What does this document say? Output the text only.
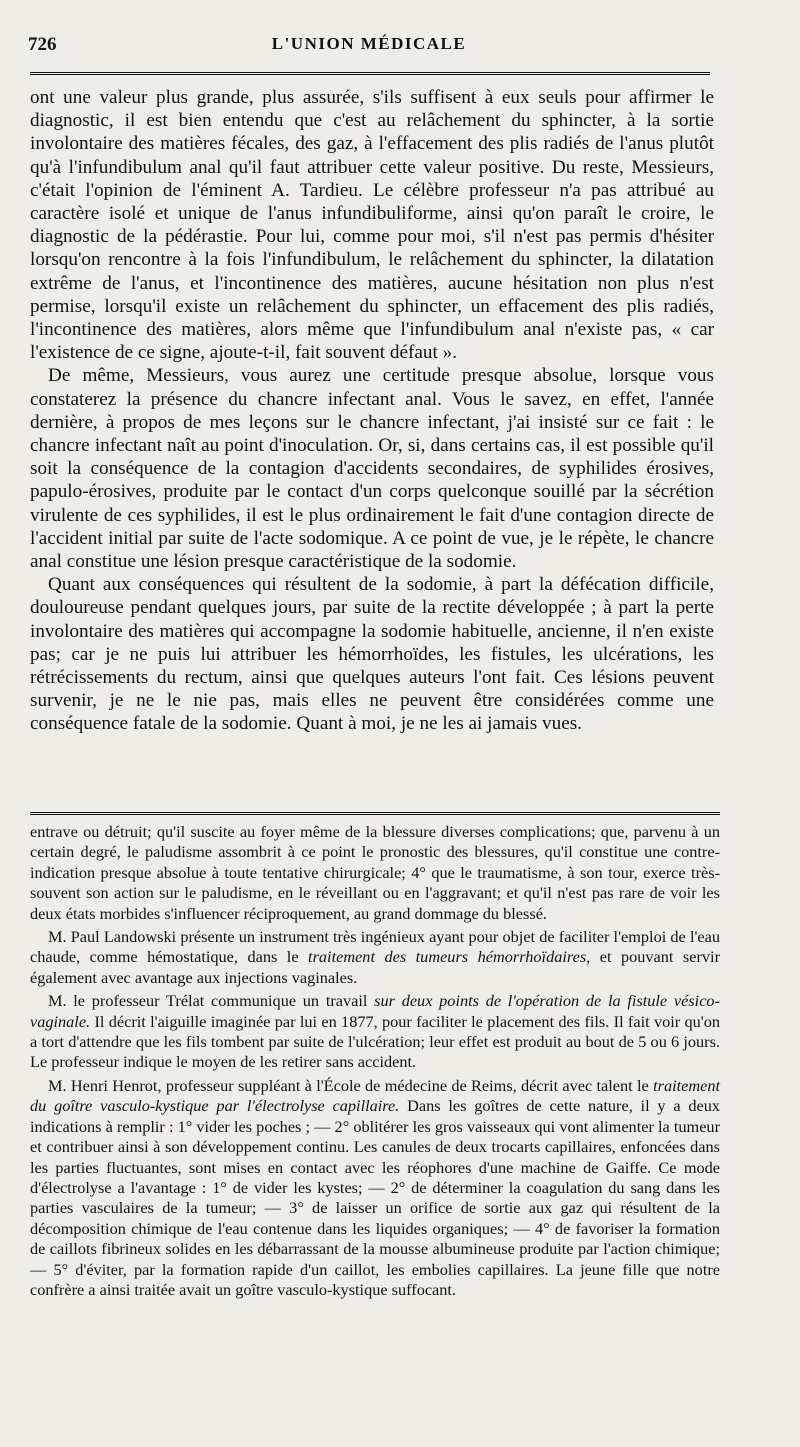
726	L'UNION MÉDICALE

ont une valeur plus grande, plus assurée, s'ils suffisent à eux seuls pour affirmer le diagnostic, il est bien entendu que c'est au relâchement du sphincter, à la sortie involontaire des matières fécales, des gaz, à l'effacement des plis radiés de l'anus plutôt qu'à l'infundibulum anal qu'il faut attribuer cette valeur positive. Du reste, Messieurs, c'était l'opinion de l'éminent A. Tardieu. Le célèbre professeur n'a pas attribué au caractère isolé et unique de l'anus infundibuliforme, ainsi qu'on paraît le croire, le diagnostic de la pédérastie. Pour lui, comme pour moi, s'il n'est pas permis d'hésiter lorsqu'on rencontre à la fois l'infundibulum, le relâchement du sphincter, la dilatation extrême de l'anus, et l'incontinence des matières, aucune hésitation non plus n'est permise, lorsqu'il existe un relâchement du sphincter, un effacement des plis radiés, l'incontinence des matières, alors même que l'infundibulum anal n'existe pas, « car l'existence de ce signe, ajoute-t-il, fait souvent défaut ».

De même, Messieurs, vous aurez une certitude presque absolue, lorsque vous constaterez la présence du chancre infectant anal. Vous le savez, en effet, l'année dernière, à propos de mes leçons sur le chancre infectant, j'ai insisté sur ce fait : le chancre infectant naît au point d'inoculation. Or, si, dans certains cas, il est possible qu'il soit la conséquence de la contagion d'accidents secondaires, de syphilides érosives, papulo-érosives, produite par le contact d'un corps quelconque souillé par la sécrétion virulente de ces syphilides, il est le plus ordinairement le fait d'une contagion directe de l'accident initial par suite de l'acte sodomique. A ce point de vue, je le répète, le chancre anal constitue une lésion presque caractéristique de la sodomie.

Quant aux conséquences qui résultent de la sodomie, à part la défécation difficile, douloureuse pendant quelques jours, par suite de la rectite développée ; à part la perte involontaire des matières qui accompagne la sodomie habituelle, ancienne, il n'en existe pas; car je ne puis lui attribuer les hémorrhoïdes, les fistules, les ulcérations, les rétrécissements du rectum, ainsi que quelques auteurs l'ont fait. Ces lésions peuvent survenir, je ne le nie pas, mais elles ne peuvent être considérées comme une conséquence fatale de la sodomie. Quant à moi, je ne les ai jamais vues.

entrave ou détruit; qu'il suscite au foyer même de la blessure diverses complications; que, parvenu à un certain degré, le paludisme assombrit à ce point le pronostic des blessures, qu'il constitue une contre-indication presque absolue à toute tentative chirurgicale; 4° que le traumatisme, à son tour, exerce très-souvent son action sur le paludisme, en le réveillant ou en l'aggravant; et qu'il n'est pas rare de voir les deux états morbides s'influencer réciproquement, au grand dommage du blessé.

M. Paul Landowski présente un instrument très ingénieux ayant pour objet de faciliter l'emploi de l'eau chaude, comme hémostatique, dans le traitement des tumeurs hémorrhoïdaires, et pouvant servir également avec avantage aux injections vaginales.

M. le professeur Trélat communique un travail sur deux points de l'opération de la fistule vésico-vaginale. Il décrit l'aiguille imaginée par lui en 1877, pour faciliter le placement des fils. Il fait voir qu'on a tort d'attendre que les fils tombent par suite de l'ulcération; leur effet est produit au bout de 5 ou 6 jours. Le professeur indique le moyen de les retirer sans accident.

M. Henri Henrot, professeur suppléant à l'École de médecine de Reims, décrit avec talent le traitement du goître vasculo-kystique par l'électrolyse capillaire. Dans les goîtres de cette nature, il y a deux indications à remplir : 1° vider les poches ; — 2° oblitérer les gros vaisseaux qui vont alimenter la tumeur et contribuer ainsi à son développement continu. Les canules de deux trocarts capillaires, enfoncées dans les parties fluctuantes, sont mises en contact avec les réophores d'une machine de Gaiffe. Ce mode d'électrolyse a l'avantage : 1° de vider les kystes; — 2° de déterminer la coagulation du sang dans les parties vasculaires de la tumeur; — 3° de laisser un orifice de sortie aux gaz qui résultent de la décomposition chimique de l'eau contenue dans les liquides organiques; — 4° de favoriser la formation de caillots fibrineux solides en les débarrassant de la mousse albumineuse produite par l'action chimique; — 5° d'éviter, par la formation rapide d'un caillot, les embolies capillaires. La jeune fille que notre confrère a ainsi traitée avait un goître vasculo-kystique suffocant.
